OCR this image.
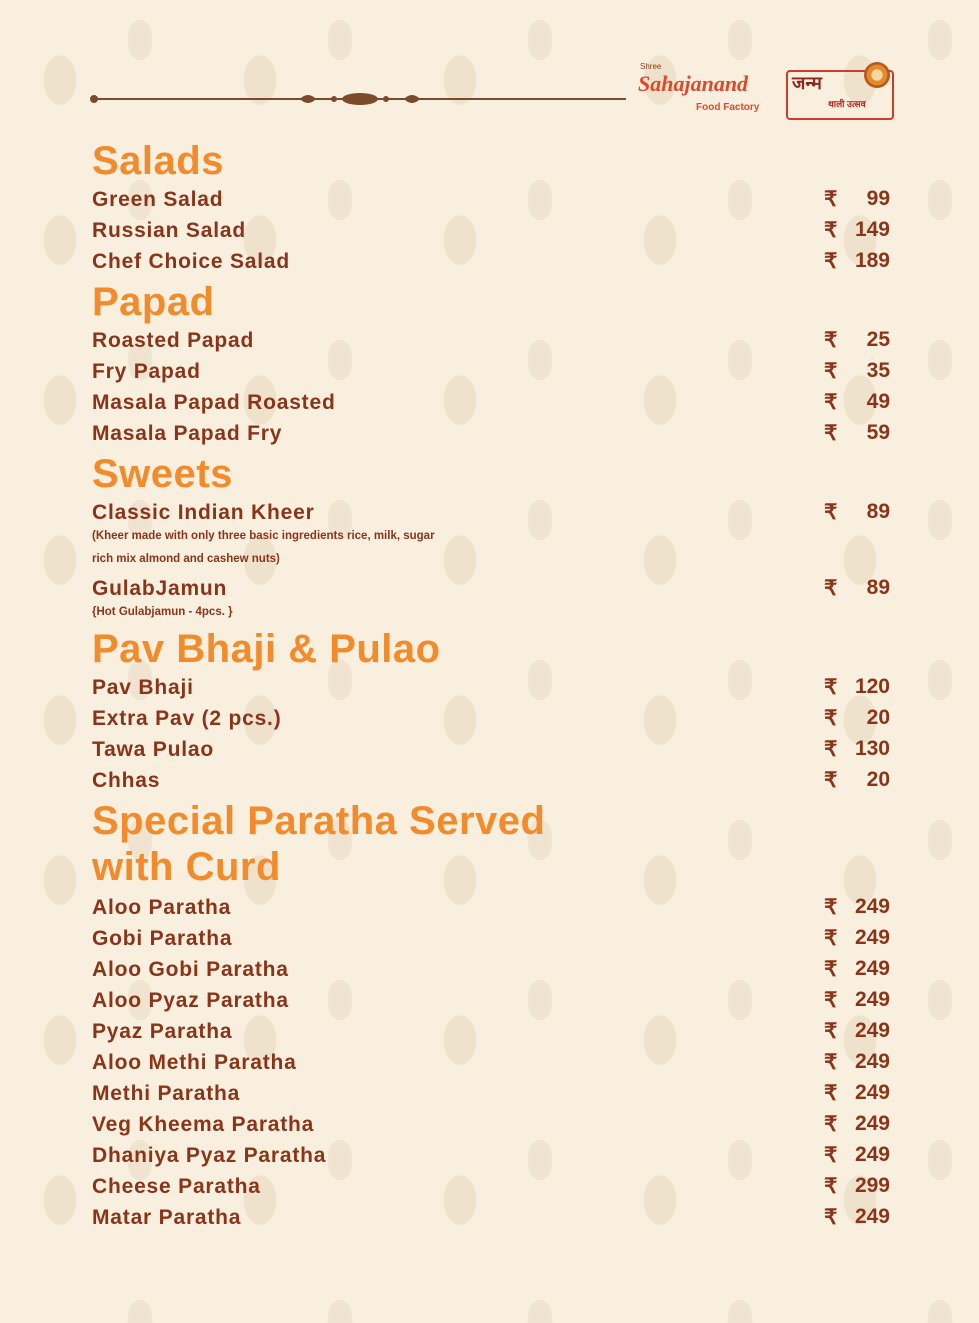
Shree
Sahajanand
Food Factory
जन्म
थाली उत्सव
Salads
Green Salad	₹ 99
Russian Salad	₹ 149
Chef Choice Salad	₹ 189
Papad
Roasted Papad	₹ 25
Fry Papad	₹ 35
Masala Papad Roasted	₹ 49
Masala Papad Fry	₹ 59
Sweets
Classic Indian Kheer	₹ 89
(Kheer made with only three basic ingredients rice, milk, sugar
rich mix almond and cashew nuts)
GulabJamun	₹ 89
{Hot Gulabjamun - 4pcs. }
Pav Bhaji & Pulao
Pav Bhaji	₹ 120
Extra Pav (2 pcs.)	₹ 20
Tawa Pulao	₹ 130
Chhas	₹ 20
Special Paratha Served with Curd
Aloo Paratha	₹ 249
Gobi Paratha	₹ 249
Aloo Gobi Paratha	₹ 249
Aloo Pyaz Paratha	₹ 249
Pyaz Paratha	₹ 249
Aloo Methi Paratha	₹ 249
Methi Paratha	₹ 249
Veg Kheema Paratha	₹ 249
Dhaniya Pyaz Paratha	₹ 249
Cheese Paratha	₹ 299
Matar Paratha	₹ 249
